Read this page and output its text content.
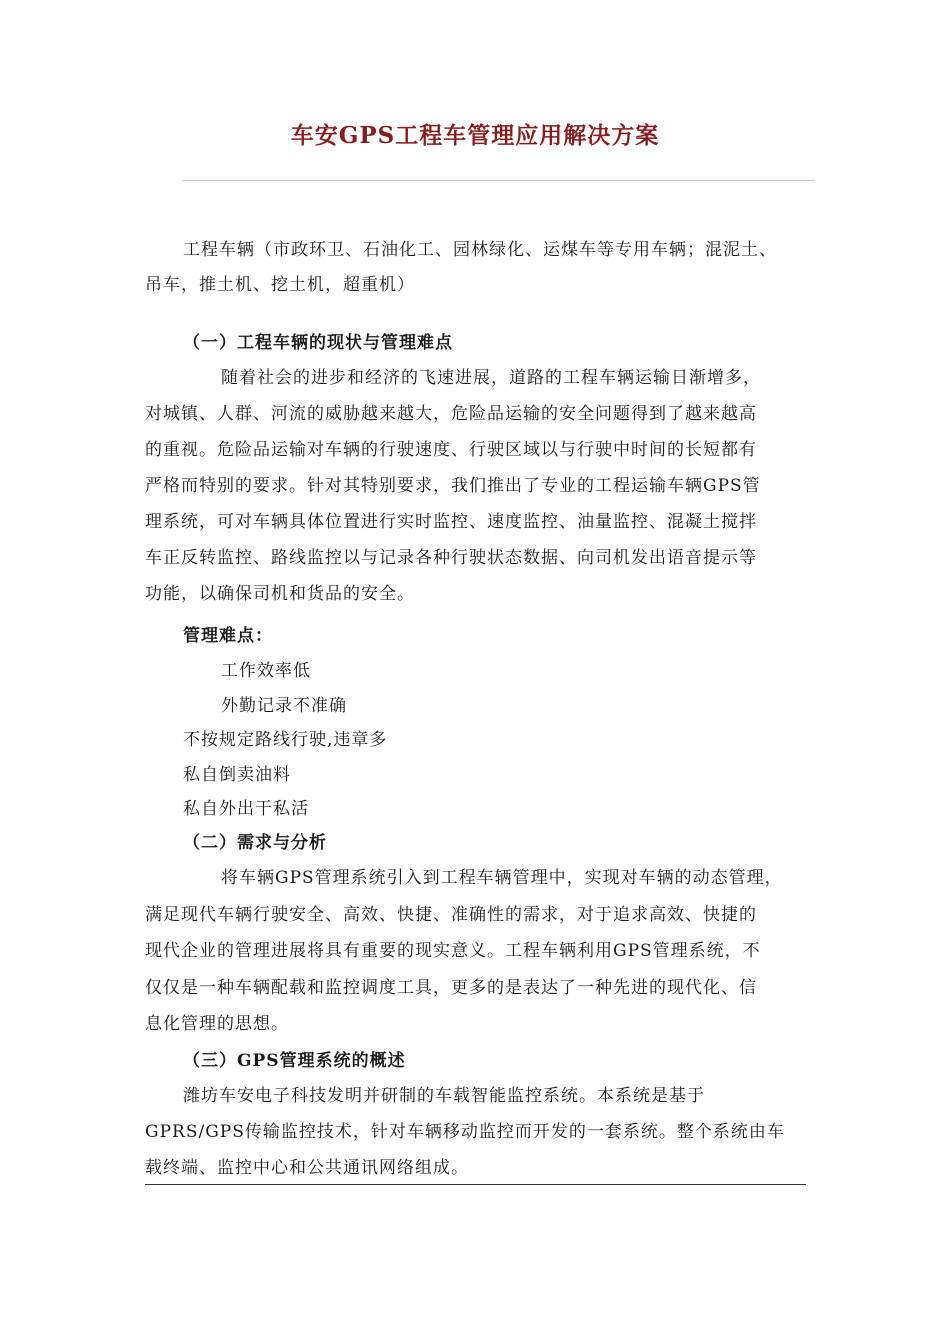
车安GPS工程车管理应用解决方案
工程车辆（市政环卫、石油化工、园林绿化、运煤车等专用车辆；混泥土、
吊车，推土机、挖土机，超重机）
（一）工程车辆的现状与管理难点
随着社会的进步和经济的飞速进展，道路的工程车辆运输日渐增多，
对城镇、人群、河流的威胁越来越大，危险品运输的安全问题得到了越来越高
的重视。危险品运输对车辆的行驶速度、行驶区域以与行驶中时间的长短都有
严格而特别的要求。针对其特别要求，我们推出了专业的工程运输车辆GPS管
理系统，可对车辆具体位置进行实时监控、速度监控、油量监控、混凝土搅拌
车正反转监控、路线监控以与记录各种行驶状态数据、向司机发出语音提示等
功能，以确保司机和货品的安全。
管理难点：
工作效率低
外勤记录不准确
不按规定路线行驶,违章多
私自倒卖油料
私自外出干私活
（二）需求与分析
将车辆GPS管理系统引入到工程车辆管理中，实现对车辆的动态管理，
满足现代车辆行驶安全、高效、快捷、准确性的需求，对于追求高效、快捷的
现代企业的管理进展将具有重要的现实意义。工程车辆利用GPS管理系统，不
仅仅是一种车辆配载和监控调度工具，更多的是表达了一种先进的现代化、信
息化管理的思想。
（三）GPS管理系统的概述
潍坊车安电子科技发明并研制的车载智能监控系统。本系统是基于
GPRS/GPS传输监控技术，针对车辆移动监控而开发的一套系统。整个系统由车
载终端、监控中心和公共通讯网络组成。
